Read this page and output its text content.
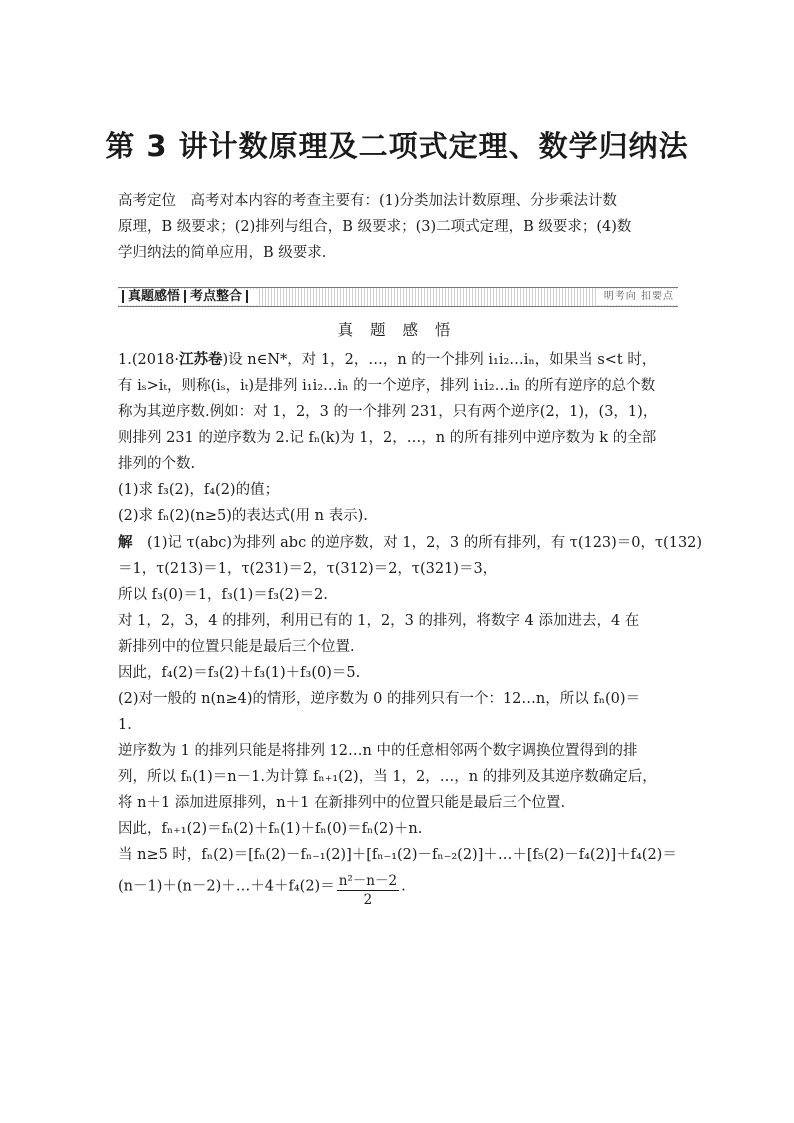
第 3 讲计数原理及二项式定理、数学归纳法
高考定位　高考对本内容的考查主要有：(1)分类加法计数原理、分步乘法计数
原理，B 级要求；(2)排列与组合，B 级要求；(3)二项式定理，B 级要求；(4)数
学归纳法的简单应用，B 级要求.
真题感悟 考点整合	明考向 扣要点
真 题 感 悟
1.(2018·江苏卷)设 n∈N*，对 1，2，…，n 的一个排列 i₁i₂…iₙ，如果当 s<t 时，
有 iₛ>iₜ，则称(iₛ，iₜ)是排列 i₁i₂…iₙ 的一个逆序，排列 i₁i₂…iₙ 的所有逆序的总个数
称为其逆序数.例如：对 1，2，3 的一个排列 231，只有两个逆序(2，1)，(3，1)，
则排列 231 的逆序数为 2.记 fₙ(k)为 1，2，…，n 的所有排列中逆序数为 k 的全部
排列的个数.
(1)求 f₃(2)，f₄(2)的值；
(2)求 fₙ(2)(n≥5)的表达式(用 n 表示).
解　(1)记 τ(abc)为排列 abc 的逆序数，对 1，2，3 的所有排列，有 τ(123)＝0，τ(132)
＝1，τ(213)＝1，τ(231)＝2，τ(312)＝2，τ(321)＝3，
所以 f₃(0)＝1，f₃(1)＝f₃(2)＝2.
对 1，2，3，4 的排列，利用已有的 1，2，3 的排列，将数字 4 添加进去，4 在
新排列中的位置只能是最后三个位置.
因此，f₄(2)＝f₃(2)＋f₃(1)＋f₃(0)＝5.
(2)对一般的 n(n≥4)的情形，逆序数为 0 的排列只有一个：12…n，所以 fₙ(0)＝
1.
逆序数为 1 的排列只能是将排列 12…n 中的任意相邻两个数字调换位置得到的排
列，所以 fₙ(1)＝n－1.为计算 fₙ₊₁(2)，当 1，2，…，n 的排列及其逆序数确定后，
将 n＋1 添加进原排列，n＋1 在新排列中的位置只能是最后三个位置.
因此，fₙ₊₁(2)＝fₙ(2)＋fₙ(1)＋fₙ(0)＝fₙ(2)＋n.
当 n≥5 时，fₙ(2)＝[fₙ(2)－fₙ₋₁(2)]＋[fₙ₋₁(2)－fₙ₋₂(2)]＋…＋[f₅(2)－f₄(2)]＋f₄(2)＝
(n－1)＋(n－2)＋…＋4＋f₄(2)＝ $\frac{\text{n²－n－2}}{2}$ .
